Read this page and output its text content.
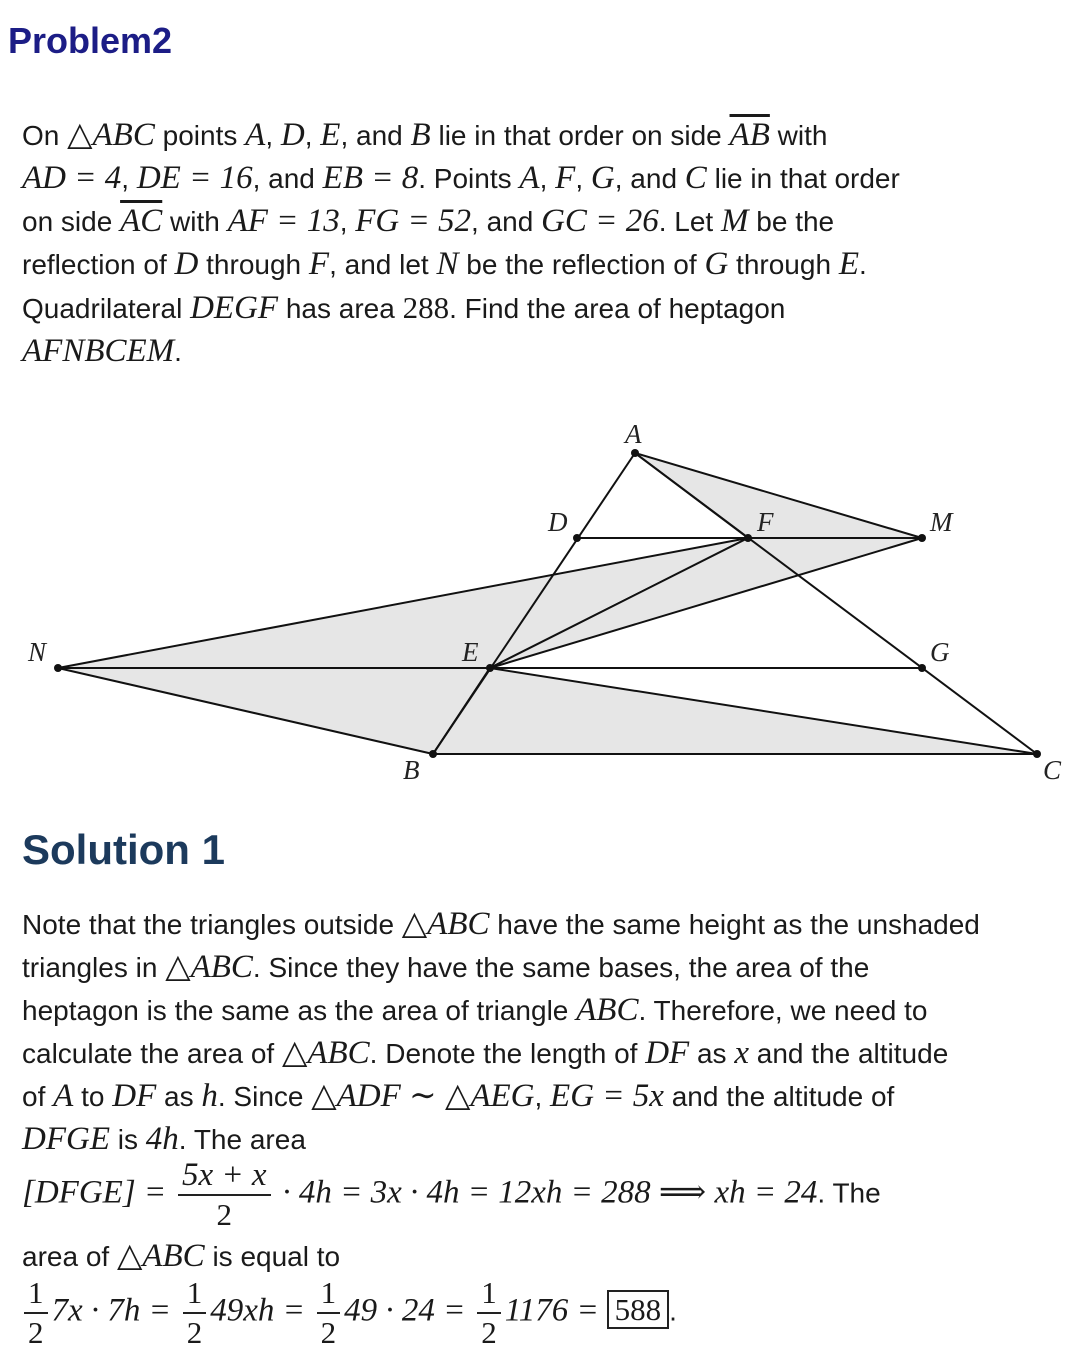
Problem2

On △ABC points A, D, E, and B lie in that order on side $\overline{AB}$ with
AD = 4, DE = 16, and EB = 8. Points A, F, G, and C lie in that order
on side $\overline{AC}$ with AF = 13, FG = 52, and GC = 26. Let M be the
reflection of D through F, and let N be the reflection of G through E.
Quadrilateral DEGF has area 288. Find the area of heptagon
AFNBCEM.

A
D	F	M
N	E	G
B	C
Solution 1

Note that the triangles outside △ABC have the same height as the unshaded
triangles in △ABC. Since they have the same bases, the area of the
heptagon is the same as the area of triangle ABC. Therefore, we need to
calculate the area of △ABC. Denote the length of DF as x and the altitude
of A to DF as h. Since △ADF ∼ △AEG, EG = 5x and the altitude of
DFGE is 4h. The area

[DFGE] = $\frac{5x + x}{2} \cdot 4h = 3x \cdot 4h = 12xh = 288$ ⟹ xh = 24. The

area of △ABC is equal to

$\frac{1}{2} 7x \cdot 7h = \frac{1}{2} 49xh = \frac{1}{2} 49 \cdot 24 = \frac{1}{2} 1176 = 588$ .
